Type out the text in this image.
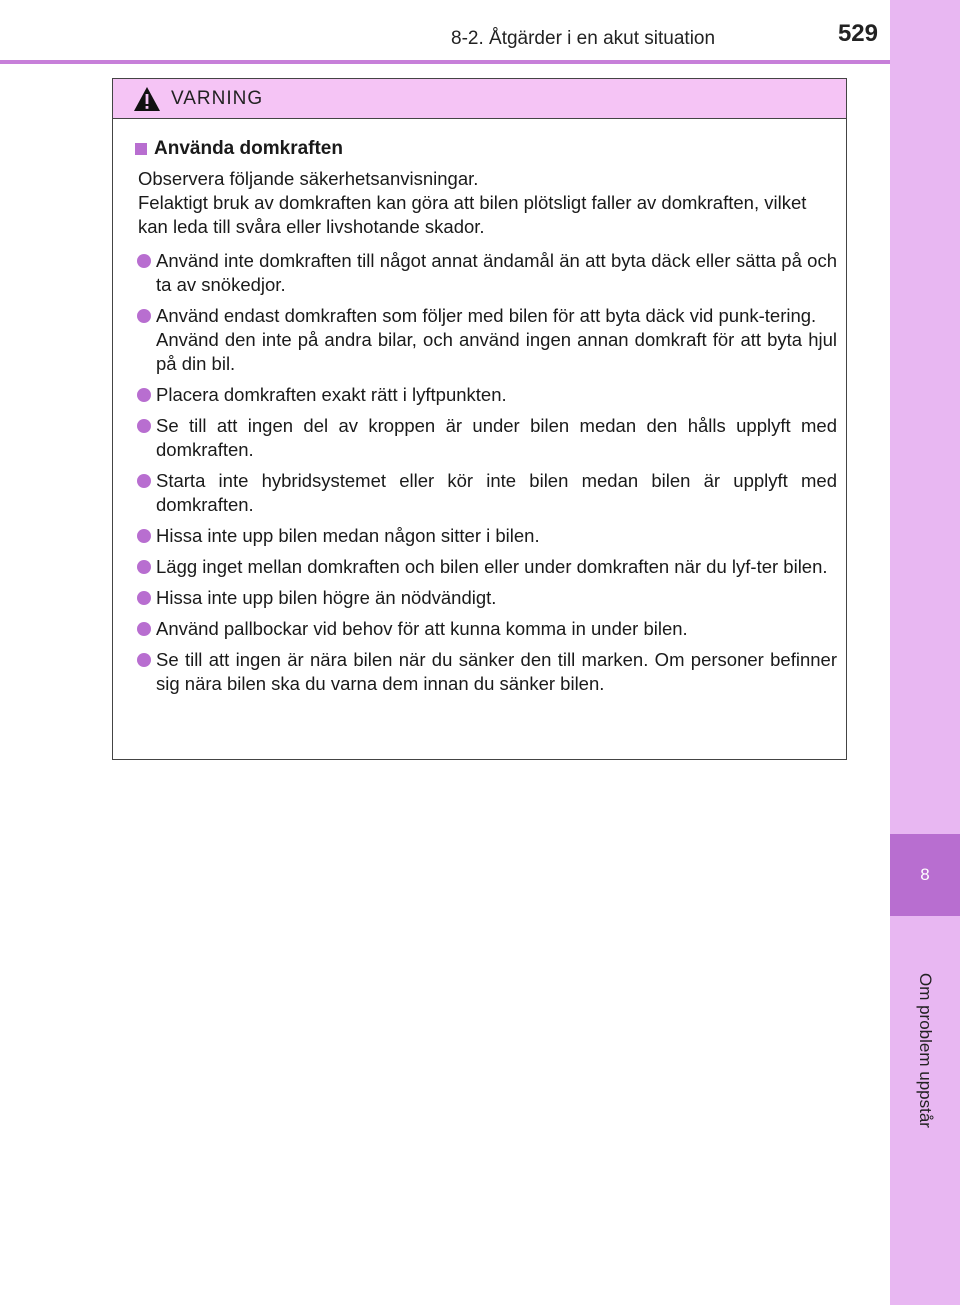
8-2. Åtgärder i en akut situation	529
8
Om problem uppstår
VARNING
Använda domkraften

Observera följande säkerhetsanvisningar.

Felaktigt bruk av domkraften kan göra att bilen plötsligt faller av domkraften, vilket kan leda till svåra eller livshotande skador.

Använd inte domkraften till något annat ändamål än att byta däck eller sätta på och ta av snökedjor.
Använd endast domkraften som följer med bilen för att byta däck vid punk-tering.
Använd den inte på andra bilar, och använd ingen annan domkraft för att byta hjul på din bil.
Placera domkraften exakt rätt i lyftpunkten.
Se till att ingen del av kroppen är under bilen medan den hålls upplyft med domkraften.
Starta inte hybridsystemet eller kör inte bilen medan bilen är upplyft med domkraften.
Hissa inte upp bilen medan någon sitter i bilen.
Lägg inget mellan domkraften och bilen eller under domkraften när du lyf-ter bilen.
Hissa inte upp bilen högre än nödvändigt.
Använd pallbockar vid behov för att kunna komma in under bilen.
Se till att ingen är nära bilen när du sänker den till marken. Om personer befinner sig nära bilen ska du varna dem innan du sänker bilen.
